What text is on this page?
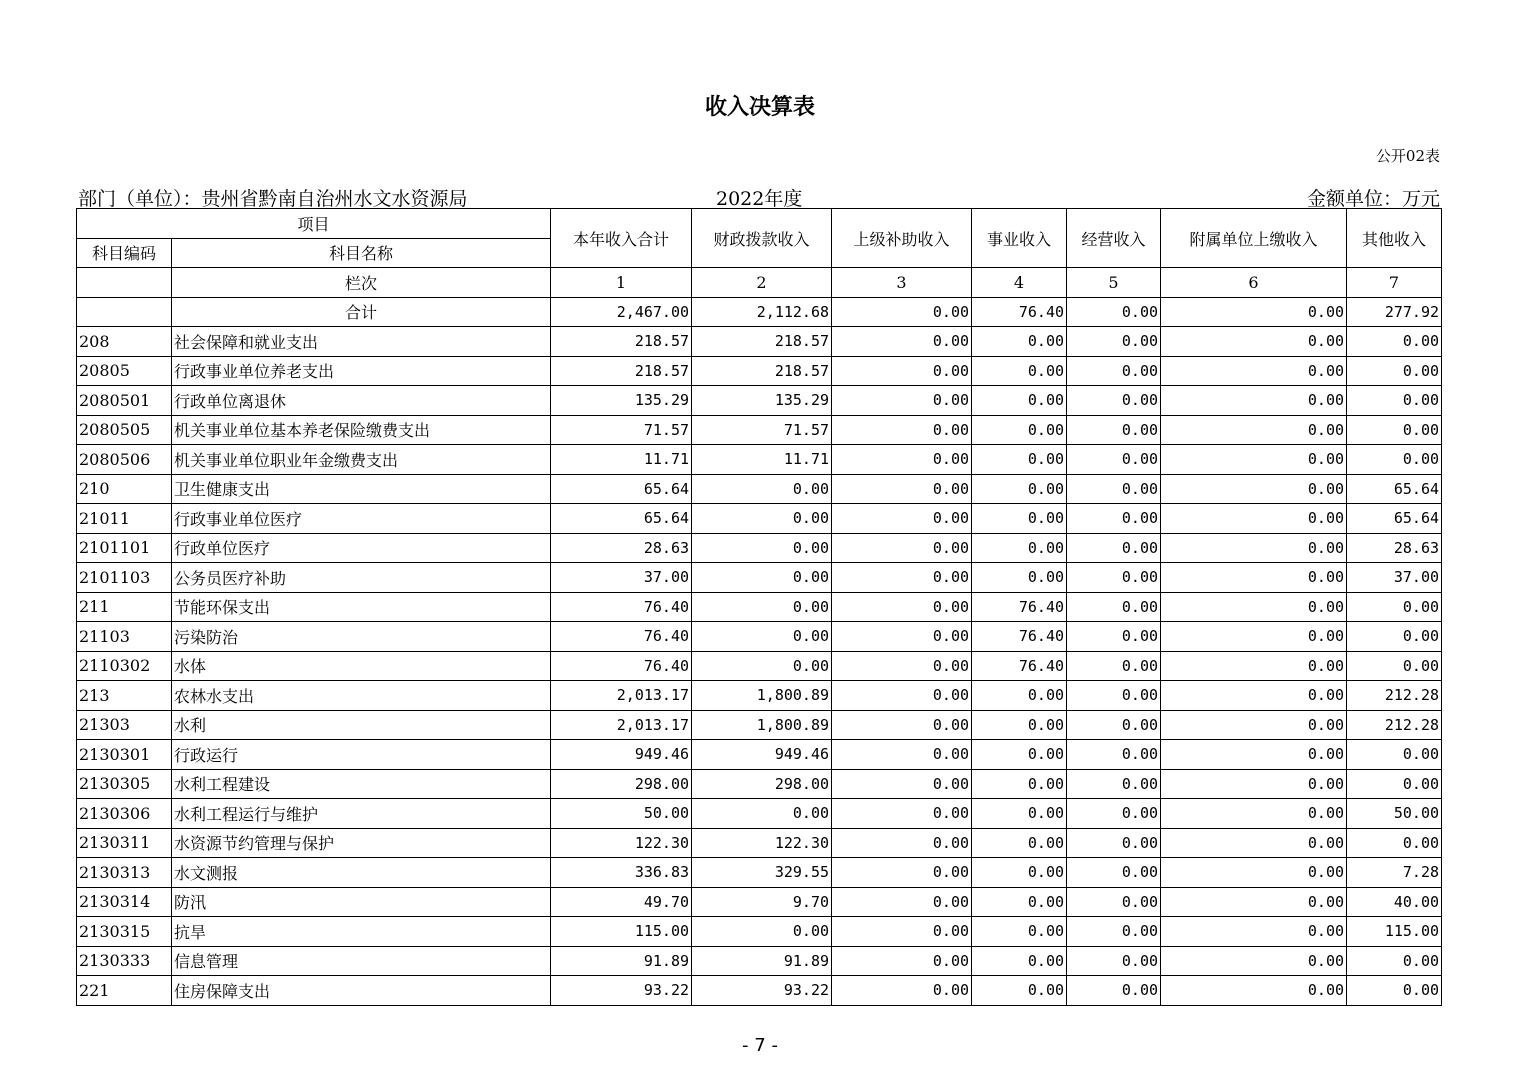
收入决算表
公开02表
部门（单位）：贵州省黔南自治州水文水资源局	2022年度	金额单位：万元
项目		本年收入合计	财政拨款收入	上级补助收入	事业收入	经营收入	附属单位上缴收入	其他收入
科目编码	科目名称							
	栏次	1	2	3	4	5	6	7
	合计	2,467.00	2,112.68	0.00	76.40	0.00	0.00	277.92
208	社会保障和就业支出	218.57	218.57	0.00	0.00	0.00	0.00	0.00
20805	行政事业单位养老支出	218.57	218.57	0.00	0.00	0.00	0.00	0.00
2080501	行政单位离退休	135.29	135.29	0.00	0.00	0.00	0.00	0.00
2080505	机关事业单位基本养老保险缴费支出	71.57	71.57	0.00	0.00	0.00	0.00	0.00
2080506	机关事业单位职业年金缴费支出	11.71	11.71	0.00	0.00	0.00	0.00	0.00
210	卫生健康支出	65.64	0.00	0.00	0.00	0.00	0.00	65.64
21011	行政事业单位医疗	65.64	0.00	0.00	0.00	0.00	0.00	65.64
2101101	行政单位医疗	28.63	0.00	0.00	0.00	0.00	0.00	28.63
2101103	公务员医疗补助	37.00	0.00	0.00	0.00	0.00	0.00	37.00
211	节能环保支出	76.40	0.00	0.00	76.40	0.00	0.00	0.00
21103	污染防治	76.40	0.00	0.00	76.40	0.00	0.00	0.00
2110302	水体	76.40	0.00	0.00	76.40	0.00	0.00	0.00
213	农林水支出	2,013.17	1,800.89	0.00	0.00	0.00	0.00	212.28
21303	水利	2,013.17	1,800.89	0.00	0.00	0.00	0.00	212.28
2130301	行政运行	949.46	949.46	0.00	0.00	0.00	0.00	0.00
2130305	水利工程建设	298.00	298.00	0.00	0.00	0.00	0.00	0.00
2130306	水利工程运行与维护	50.00	0.00	0.00	0.00	0.00	0.00	50.00
2130311	水资源节约管理与保护	122.30	122.30	0.00	0.00	0.00	0.00	0.00
2130313	水文测报	336.83	329.55	0.00	0.00	0.00	0.00	7.28
2130314	防汛	49.70	9.70	0.00	0.00	0.00	0.00	40.00
2130315	抗旱	115.00	0.00	0.00	0.00	0.00	0.00	115.00
2130333	信息管理	91.89	91.89	0.00	0.00	0.00	0.00	0.00
221	住房保障支出	93.22	93.22	0.00	0.00	0.00	0.00	0.00
- 7 -
